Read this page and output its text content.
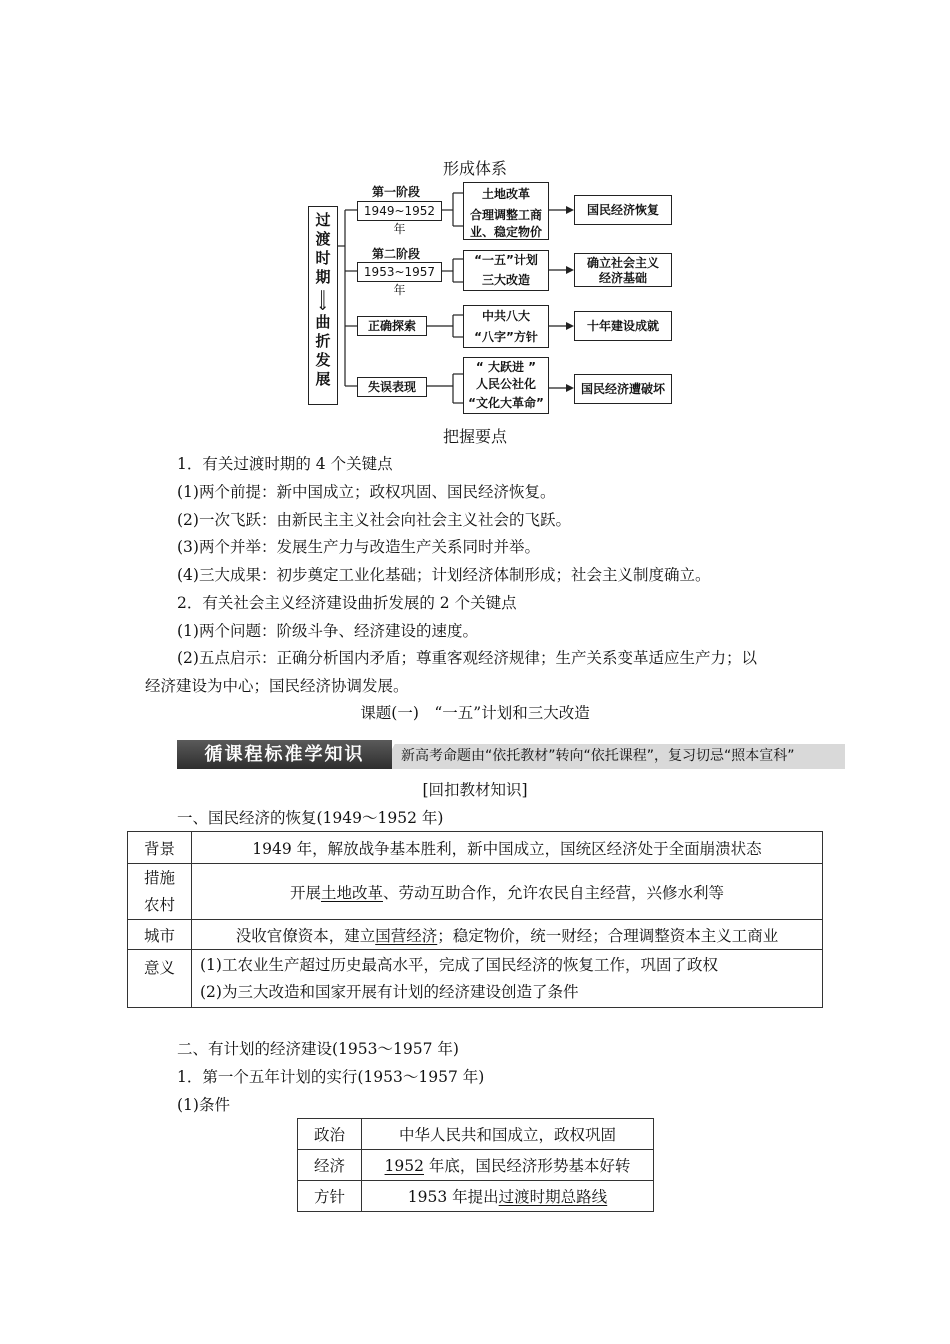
形成体系
过
渡
时
期
⟹
曲
折
发
展
第一阶段
1949~1952年
第二阶段
1953~1957年
正确探索
失误表现
土地改革
合理调整工商
业、稳定物价
“一五”计划
三大改造
中共八大
“八字”方针
“ 大跃进 ”
人民公社化
“文化大革命”
国民经济恢复
确立社会主义
经济基础
十年建设成就
国民经济遭破坏
把握要点
1．有关过渡时期的 4 个关键点
(1)两个前提：新中国成立；政权巩固、国民经济恢复。
(2)一次飞跃：由新民主主义社会向社会主义社会的飞跃。
(3)两个并举：发展生产力与改造生产关系同时并举。
(4)三大成果：初步奠定工业化基础；计划经济体制形成；社会主义制度确立。
2．有关社会主义经济建设曲折发展的 2 个关键点
(1)两个问题：阶级斗争、经济建设的速度。
(2)五点启示：正确分析国内矛盾；尊重客观经济规律；生产关系变革适应生产力；以
经济建设为中心；国民经济协调发展。
课题(一)　“一五”计划和三大改造
新高考命题由“依托教材”转向“依托课程”，复习切忌“照本宣科”
循课程标准学知识
[回扣教材知识]
一、国民经济的恢复(1949～1952 年)
背景	1949 年，解放战争基本胜利，新中国成立，国统区经济处于全面崩溃状态

措施
农村	开展土地改革、劳动互助合作，允许农民自主经营，兴修水利等
城市	没收官僚资本，建立国营经济；稳定物价，统一财经；合理调整资本主义工商业
意义	(1)工农业生产超过历史最高水平，完成了国民经济的恢复工作，巩固了政权
(2)为三大改造和国家开展有计划的经济建设创造了条件
二、有计划的经济建设(1953～1957 年)
1．第一个五年计划的实行(1953～1957 年)
(1)条件
政治	中华人民共和国成立，政权巩固
经济	1952 年底，国民经济形势基本好转
方针	1953 年提出过渡时期总路线
